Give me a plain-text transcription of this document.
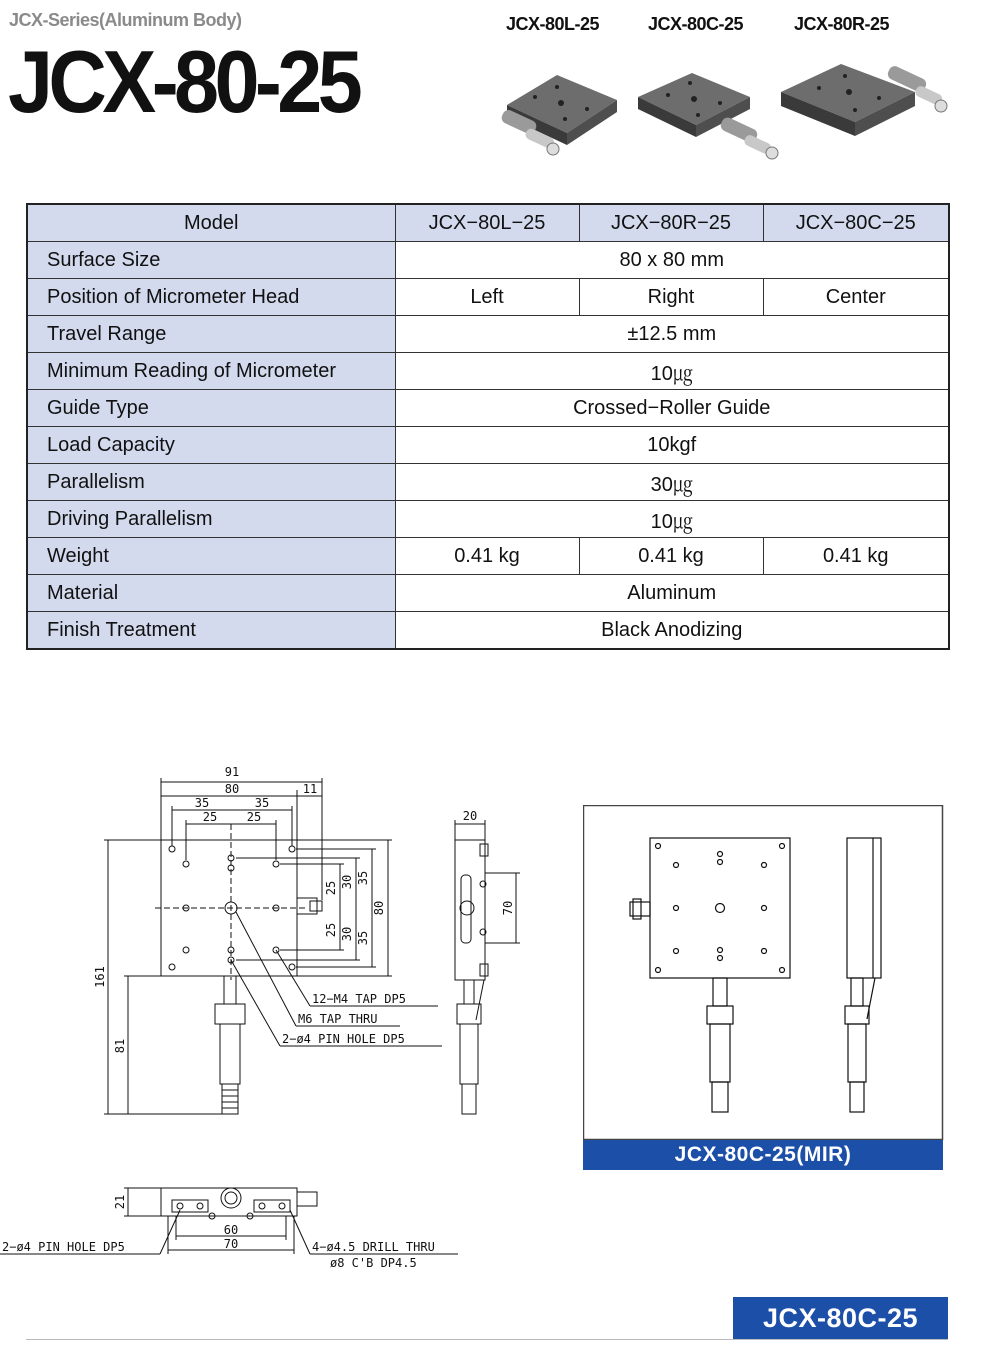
JCX-Series(Aluminum Body)
JCX-80-25
JCX-80L-25	JCX-80C-25	JCX-80R-25
Model	JCX−80L−25	JCX−80R−25	JCX−80C−25
Surface Size	80 x 80 mm		
Position of Micrometer Head	Left	Right	Center
Travel Range	±12.5 mm		
Minimum Reading of Micrometer	10㎍		
Guide Type	Crossed−Roller Guide		
Load Capacity	10kgf		
Parallelism	30㎍		
Driving Parallelism	10㎍		
Weight	0.41 kg	0.41 kg	0.41 kg
Material	Aluminum		
Finish Treatment	Black Anodizing		
91
80	11
35	35
25 25
25 30 35
80
25 30 35
161
81
12−M4 TAP DP5
M6 TAP THRU
2−ø4 PIN HOLE DP5
20
70
21
60
70
2−ø4 PIN HOLE DP5	4−ø4.5 DRILL THRU
ø8 C'B DP4.5
JCX-80C-25(MIR)
JCX-80C-25
